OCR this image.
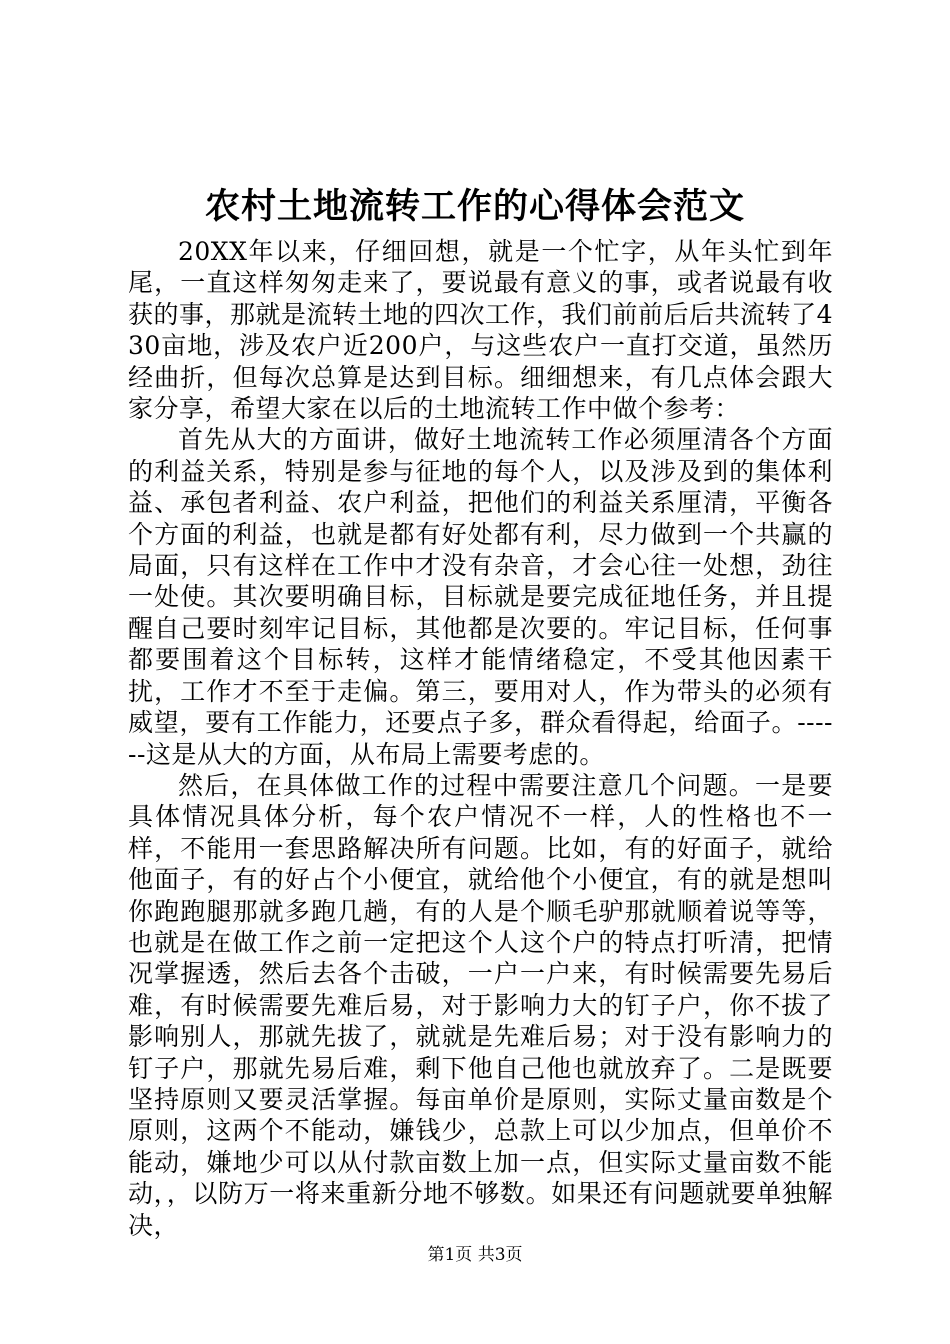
农村土地流转工作的心得体会范文

20XX年以来，仔细回想，就是一个忙字，从年头忙到年尾，一直这样匆匆走来了，要说最有意义的事，或者说最有收获的事，那就是流转土地的四次工作，我们前前后后共流转了430亩地，涉及农户近200户，与这些农户一直打交道，虽然历经曲折，但每次总算是达到目标。细细想来，有几点体会跟大家分享，希望大家在以后的土地流转工作中做个参考：

首先从大的方面讲，做好土地流转工作必须厘清各个方面的利益关系，特别是参与征地的每个人，以及涉及到的集体利益、承包者利益、农户利益，把他们的利益关系厘清，平衡各个方面的利益，也就是都有好处都有利，尽力做到一个共赢的局面，只有这样在工作中才没有杂音，才会心往一处想，劲往一处使。其次要明确目标，目标就是要完成征地任务，并且提醒自己要时刻牢记目标，其他都是次要的。牢记目标，任何事都要围着这个目标转，这样才能情绪稳定，不受其他因素干扰，工作才不至于走偏。第三，要用对人，作为带头的必须有威望，要有工作能力，还要点子多，群众看得起，给面子。------这是从大的方面，从布局上需要考虑的。

然后，在具体做工作的过程中需要注意几个问题。一是要具体情况具体分析，每个农户情况不一样，人的性格也不一样，不能用一套思路解决所有问题。比如，有的好面子，就给他面子，有的好占个小便宜，就给他个小便宜，有的就是想叫你跑跑腿那就多跑几趟，有的人是个顺毛驴那就顺着说等等，也就是在做工作之前一定把这个人这个户的特点打听清，把情况掌握透，然后去各个击破，一户一户来，有时候需要先易后难，有时候需要先难后易，对于影响力大的钉子户，你不拔了影响别人，那就先拔了，就就是先难后易；对于没有影响力的钉子户，那就先易后难，剩下他自己他也就放弃了。二是既要坚持原则又要灵活掌握。每亩单价是原则，实际丈量亩数是个原则，这两个不能动，嫌钱少，总款上可以少加点，但单价不能动，嫌地少可以从付款亩数上加一点，但实际丈量亩数不能动，，以防万一将来重新分地不够数。如果还有问题就要单独解决，

第1页 共3页
